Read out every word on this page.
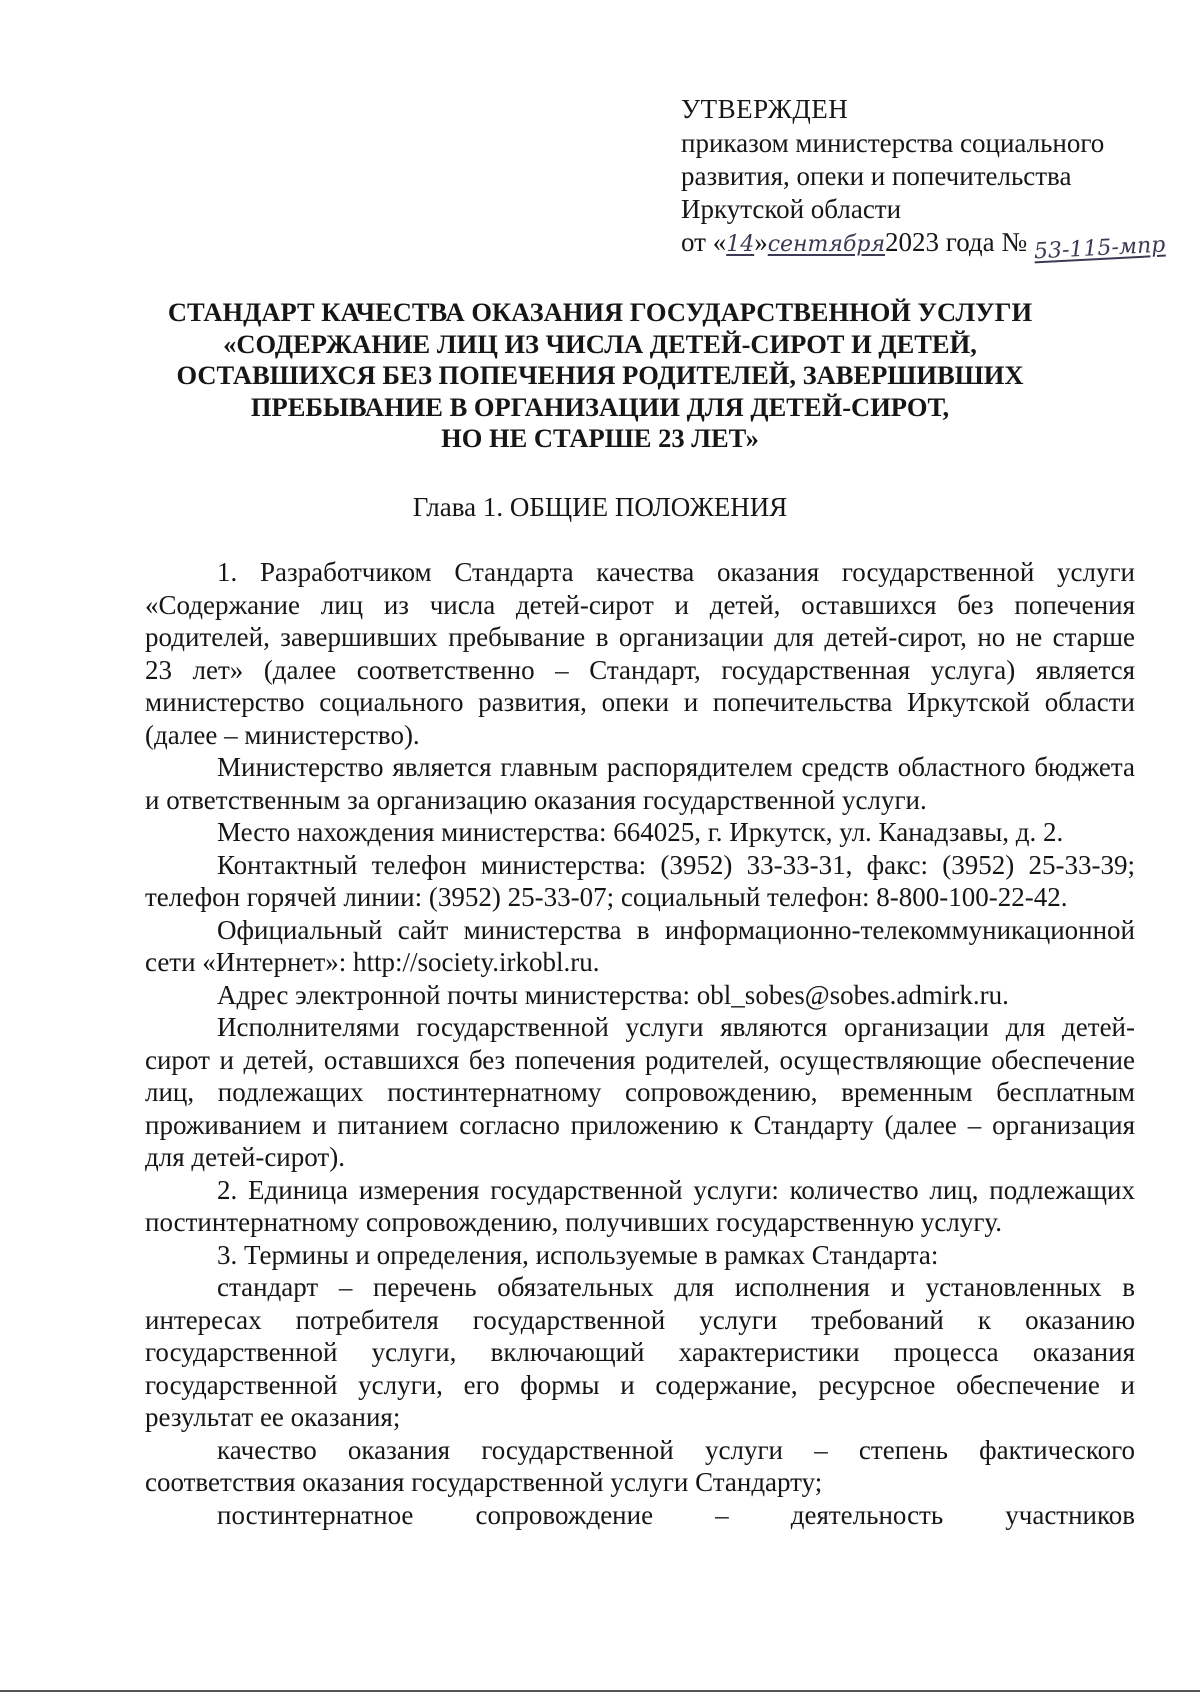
УТВЕРЖДЕН
приказом министерства социального
развития, опеки и попечительства
Иркутской области
от «14»сентября2023 года № 53-115-мпр
СТАНДАРТ КАЧЕСТВА ОКАЗАНИЯ ГОСУДАРСТВЕННОЙ УСЛУГИ
«СОДЕРЖАНИЕ ЛИЦ ИЗ ЧИСЛА ДЕТЕЙ-СИРОТ И ДЕТЕЙ,
ОСТАВШИХСЯ БЕЗ ПОПЕЧЕНИЯ РОДИТЕЛЕЙ, ЗАВЕРШИВШИХ
ПРЕБЫВАНИЕ В ОРГАНИЗАЦИИ ДЛЯ ДЕТЕЙ-СИРОТ,
НО НЕ СТАРШЕ 23 ЛЕТ»
Глава 1. ОБЩИЕ ПОЛОЖЕНИЯ

1. Разработчиком Стандарта качества оказания государственной услуги «Содержание лиц из числа детей-сирот и детей, оставшихся без попечения родителей, завершивших пребывание в организации для детей-сирот, но не старше 23 лет» (далее соответственно – Стандарт, государственная услуга) является министерство социального развития, опеки и попечительства Иркутской области (далее – министерство).

Министерство является главным распорядителем средств областного бюджета и ответственным за организацию оказания государственной услуги.

Место нахождения министерства: 664025, г. Иркутск, ул. Канадзавы, д. 2.

Контактный телефон министерства: (3952) 33-33-31, факс: (3952) 25-33-39; телефон горячей линии: (3952) 25-33-07; социальный телефон: 8-800-100-22-42.

Официальный сайт министерства в информационно-телекоммуникационной сети «Интернет»: http://society.irkobl.ru.

Адрес электронной почты министерства: obl_sobes@sobes.admirk.ru.

Исполнителями государственной услуги являются организации для детей-сирот и детей, оставшихся без попечения родителей, осуществляющие обеспечение лиц, подлежащих постинтернатному сопровождению, временным бесплатным проживанием и питанием согласно приложению к Стандарту (далее – организация для детей-сирот).

2. Единица измерения государственной услуги: количество лиц, подлежащих постинтернатному сопровождению, получивших государственную услугу.

3. Термины и определения, используемые в рамках Стандарта:

стандарт – перечень обязательных для исполнения и установленных в интересах потребителя государственной услуги требований к оказанию государственной услуги, включающий характеристики процесса оказания государственной услуги, его формы и содержание, ресурсное обеспечение и результат ее оказания;

качество оказания государственной услуги – степень фактического соответствия оказания государственной услуги Стандарту;

постинтернатное сопровождение – деятельность участников
